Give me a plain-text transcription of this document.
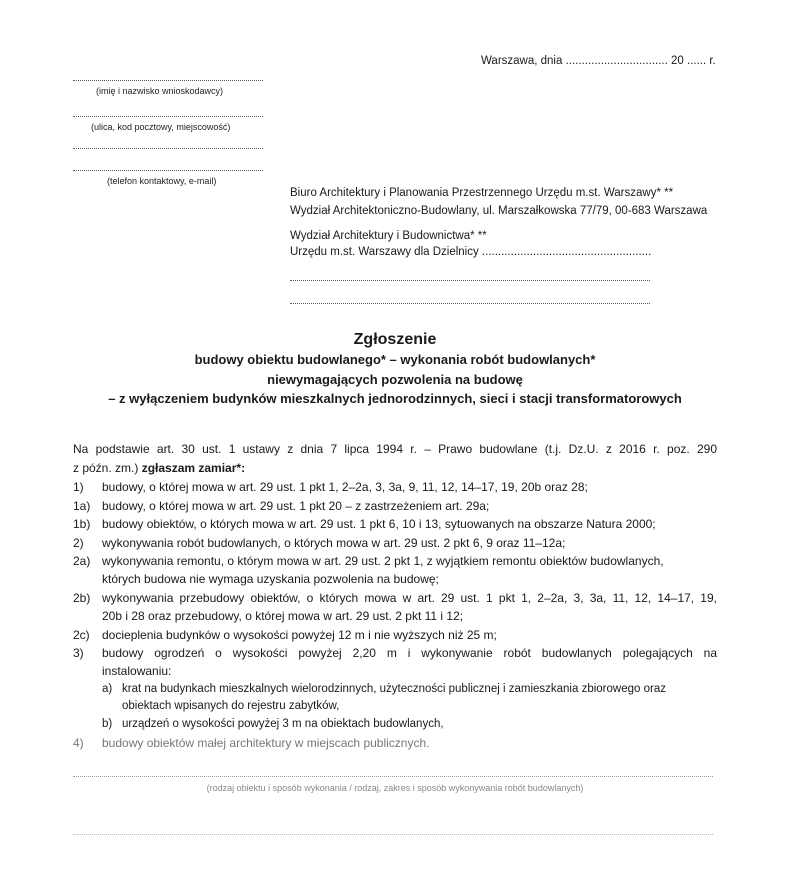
Warszawa, dnia ................................ 20 ...... r.
(imię i nazwisko wnioskodawcy)
(ulica, kod pocztowy, miejscowość)
(telefon kontaktowy, e-mail)
Biuro Architektury i Planowania Przestrzennego Urzędu m.st. Warszawy* **
Wydział Architektoniczno-Budowlany, ul. Marszałkowska 77/79, 00-683 Warszawa
Wydział Architektury i Budownictwa* **
Urzędu m.st. Warszawy dla Dzielnicy .....................................................
Zgłoszenie
budowy obiektu budowlanego* – wykonania robót budowlanych*
niewymagających pozwolenia na budowę
– z wyłączeniem budynków mieszkalnych jednorodzinnych, sieci i stacji transformatorowych
Na podstawie art. 30 ust. 1 ustawy z dnia 7 lipca 1994 r. – Prawo budowlane (t.j. Dz.U. z 2016 r. poz. 290
z późn. zm.) zgłaszam zamiar*:
1) budowy, o której mowa w art. 29 ust. 1 pkt 1, 2–2a, 3, 3a, 9, 11, 12, 14–17, 19, 20b oraz 28;
1a) budowy, o której mowa w art. 29 ust. 1 pkt 20 – z zastrzeżeniem art. 29a;
1b) budowy obiektów, o których mowa w art. 29 ust. 1 pkt 6, 10 i 13, sytuowanych na obszarze Natura 2000;
2) wykonywania robót budowlanych, o których mowa w art. 29 ust. 2 pkt 6, 9 oraz 11–12a;
2a) wykonywania remontu, o którym mowa w art. 29 ust. 2 pkt 1, z wyjątkiem remontu obiektów budowlanych,
których budowa nie wymaga uzyskania pozwolenia na budowę;
2b) wykonywania przebudowy obiektów, o których mowa w art. 29 ust. 1 pkt 1, 2–2a, 3, 3a, 11, 12, 14–17, 19,
20b i 28 oraz przebudowy, o której mowa w art. 29 ust. 2 pkt 11 i 12;
2c) docieplenia budynków o wysokości powyżej 12 m i nie wyższych niż 25 m;
3) budowy ogrodzeń o wysokości powyżej 2,20 m i wykonywanie robót budowlanych polegających na
instalowaniu:
a) krat na budynkach mieszkalnych wielorodzinnych, użyteczności publicznej i zamieszkania zbiorowego oraz
obiektach wpisanych do rejestru zabytków,
b) urządzeń o wysokości powyżej 3 m na obiektach budowlanych,
4) budowy obiektów małej architektury w miejscach publicznych.
(rodzaj obiektu i sposób wykonania / rodzaj, zakres i sposób wykonywania robót budowlanych)
